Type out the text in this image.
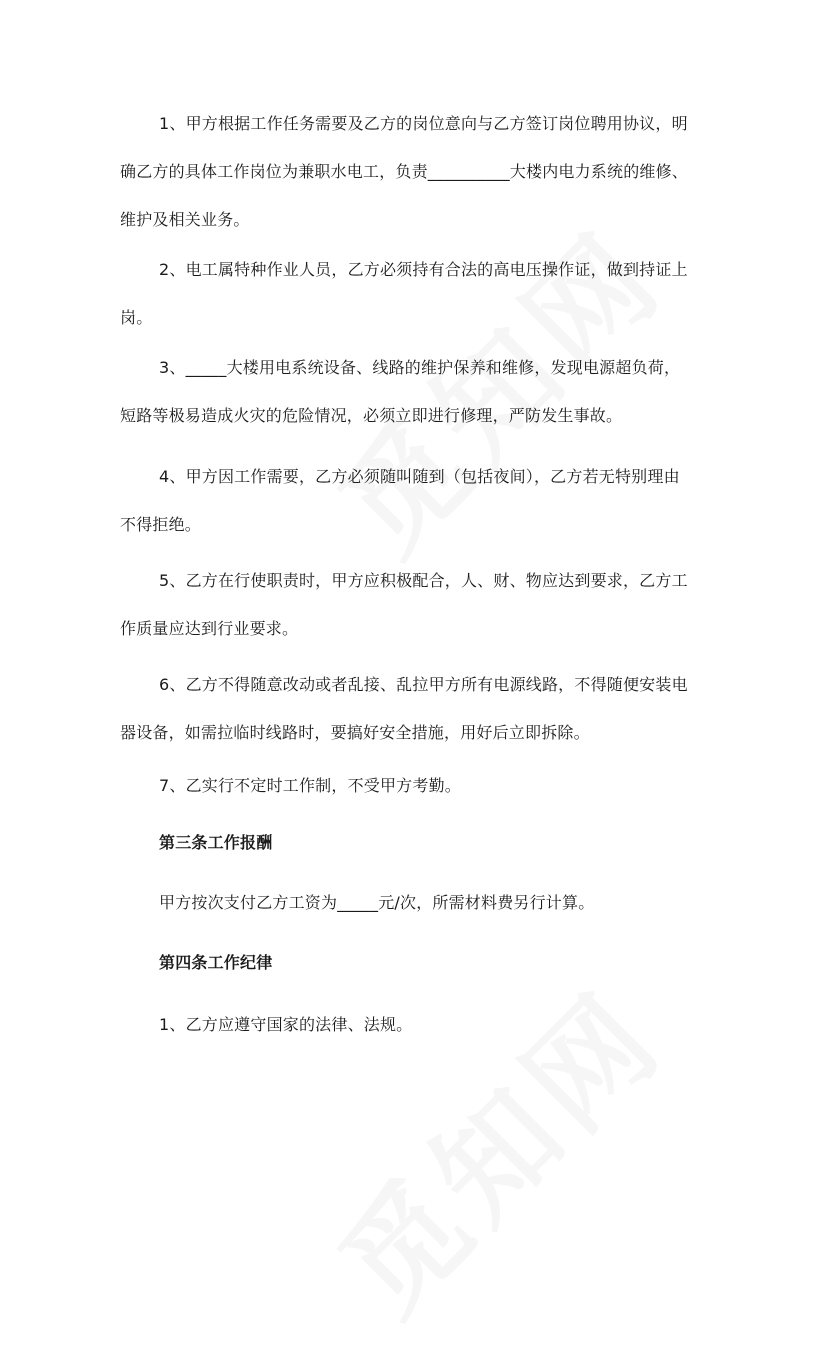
1、甲方根据工作任务需要及乙方的岗位意向与乙方签订岗位聘用协议，明
确乙方的具体工作岗位为兼职水电工，负责__________大楼内电力系统的维修、
维护及相关业务。
2、电工属特种作业人员，乙方必须持有合法的高电压操作证，做到持证上
岗。
3、_____大楼用电系统设备、线路的维护保养和维修，发现电源超负荷，
短路等极易造成火灾的危险情况，必须立即进行修理，严防发生事故。
4、甲方因工作需要，乙方必须随叫随到（包括夜间），乙方若无特别理由
不得拒绝。
5、乙方在行使职责时，甲方应积极配合，人、财、物应达到要求，乙方工
作质量应达到行业要求。
6、乙方不得随意改动或者乱接、乱拉甲方所有电源线路，不得随便安装电
器设备，如需拉临时线路时，要搞好安全措施，用好后立即拆除。
7、乙实行不定时工作制，不受甲方考勤。
第三条工作报酬
甲方按次支付乙方工资为_____元/次，所需材料费另行计算。
第四条工作纪律
1、乙方应遵守国家的法律、法规。
